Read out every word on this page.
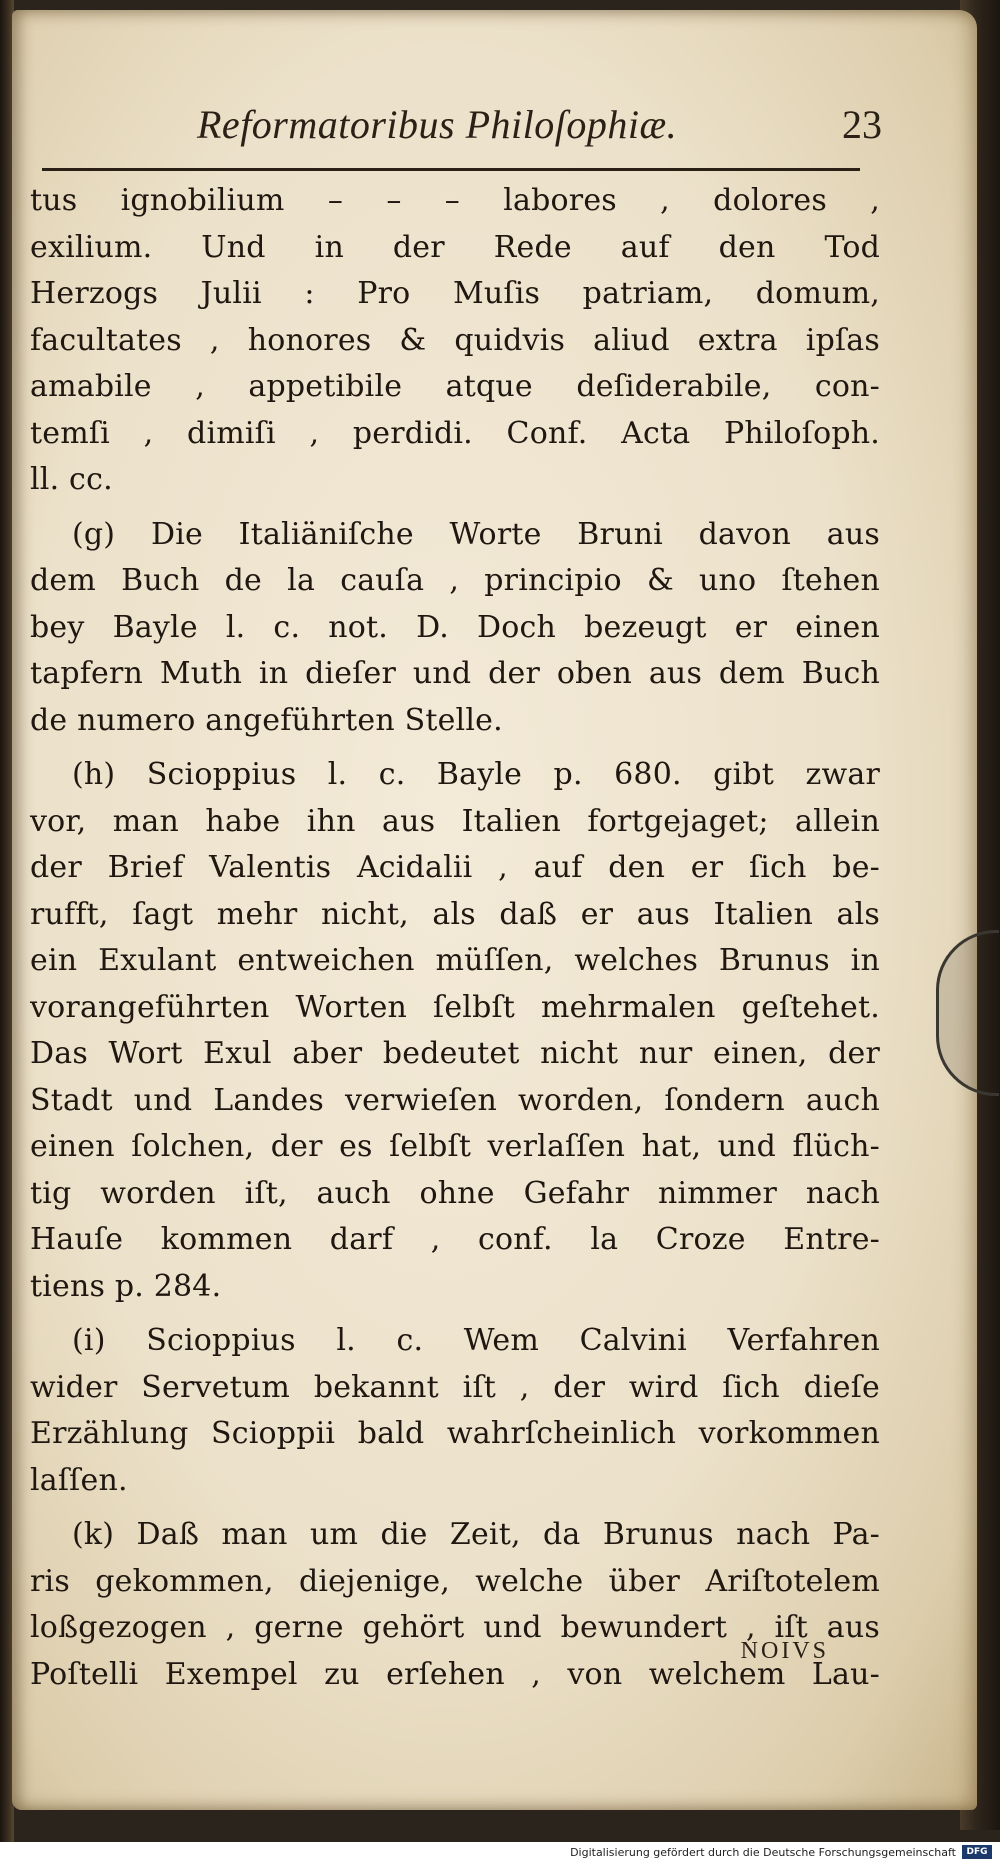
Reformatoribus Philoſophiæ.	23
tus ignobilium – – – labores , dolores ,
exilium. Und in der Rede auf den Tod
Herzogs Julii : Pro Muſis patriam, domum,
facultates , honores & quidvis aliud extra ipſas
amabile , appetibile atque deſiderabile, con-
temſi , dimiſi , perdidi. Conf. Acta Philoſoph.
ll. cc.
(g) Die Italiäniſche Worte Bruni davon aus
dem Buch de la cauſa , principio & uno ſtehen
bey Bayle l. c. not. D. Doch bezeugt er einen
tapfern Muth in dieſer und der oben aus dem Buch
de numero angeführten Stelle.
(h) Scioppius l. c. Bayle p. 680. gibt zwar
vor, man habe ihn aus Italien fortgejaget; allein
der Brief Valentis Acidalii , auf den er ſich be-
rufft, ſagt mehr nicht, als daß er aus Italien als
ein Exulant entweichen müſſen, welches Brunus in
vorangeführten Worten ſelbſt mehrmalen geſtehet.
Das Wort Exul aber bedeutet nicht nur einen, der
Stadt und Landes verwieſen worden, ſondern auch
einen ſolchen, der es ſelbſt verlaſſen hat, und flüch-
tig worden iſt, auch ohne Gefahr nimmer nach
Hauſe kommen darf , conf. la Croze Entre-
tiens p. 284.
(i) Scioppius l. c. Wem Calvini Verfahren
wider Servetum bekannt iſt , der wird ſich dieſe
Erzählung Scioppii bald wahrſcheinlich vorkommen
laſſen.
(k) Daß man um die Zeit, da Brunus nach Pa-
ris gekommen, diejenige, welche über Ariſtotelem
loßgezogen , gerne gehört und bewundert , iſt aus
Poſtelli Exempel zu erſehen , von welchem Lau-
NOIVS
Digitalisierung gefördert durch die Deutsche Forschungsgemeinschaft	DFG
